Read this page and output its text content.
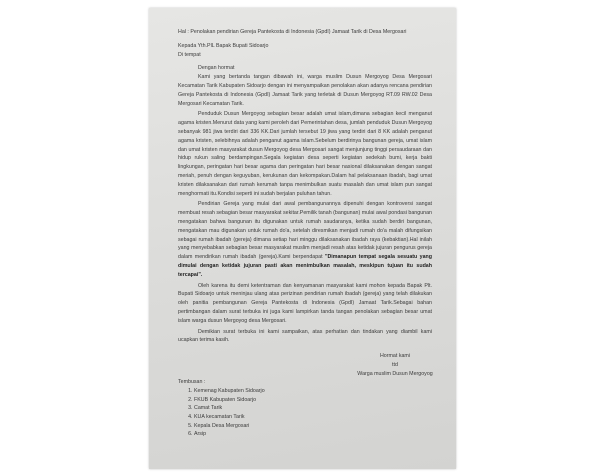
Hal : Penolakan pendirian Gereja Pantekosta di Indonesia (GpdI) Jamaat Tarik di Desa Mergosari
Kepada Yth.PlL Bapak Bupati Sidoarjo
Di tempat
Dengan hormat
Kami yang bertanda tangan dibawah ini, warga muslim Dusun Mergoyog Desa Mergosari Kecamatan Tarik Kabupaten Sidoarjo dengan ini menyampaikan penolakan akan adanya rencana pendirian Gereja Pantekosta di Indonesia (GpdI) Jamaat Tarik yang terletak di Dusun Mergoyog RT.09 RW.02 Desa Mergosari Kecamatan Tarik.
Penduduk Dusun Mergoyog sebagian besar adalah umat islam,dimana sebagian kecil menganut agama kristen.Menurut data yang kami peroleh dari Pemerintahan desa, jumlah penduduk Dusun Mergoyog sebanyak 981 jiwa terdiri dari 336 KK.Dari jumlah tersebut 19 jiwa yang terdiri dari 8 KK adalah penganut agama kristen, selebihnya adalah penganut agama islam.Sebelum berdirinya bangunan gereja, umat islam dan umat kristen masyarakat dusun Mergoyog desa Mergosari sangat menjunjung tinggi persaudaraan dan hidup rukun saling berdampingan.Segala kegiatan desa seperti kegiatan sedekah bumi, kerja bakti lingkungan, peringatan hari besar agama dan peringatan hari besar nasional dilaksanakan dengan sangat meriah, penuh dengan keguyuban, kerukunan dan kekompakan.Dalam hal pelaksanaan ibadah, bagi umat kristen dilaksanakan dari rumah kerumah tanpa menimbulkan suatu masalah dan umat islam pun sangat menghormati itu.Kondisi seperti ini sudah berjalan puluhan tahun.
Pendirian Gereja yang mulai dari awal pembangunannya dipenuhi dengan kontroversi sangat membuat resah sebagian besar masyarakat sekitar.Pemilik tanah (bangunan) mulai awal pondasi bangunan mengatakan bahwa bangunan itu digunakan untuk rumah saudaranya, ketika sudah berdiri bangunan, mengatakan mau digunakan untuk rumah do'a, setelah diresmikan menjadi rumah do'a malah difungsikan sebagai rumah ibadah (gereja) dimana setiap hari minggu dilaksanakan ibadah rayа (kebaktian).Hal inilah yang menyebabkan sebagian besar masyarakat muslim menjadi resah atas ketidak jujuran pengurus gereja dalam mendirikan rumah ibadah (gereja).Kami berpendapat "Dimanapun tempat segala sesuatu yang dimulai dengan ketidak jujuran pasti akan menimbulkan masalah, meskipun tujuan itu sudah tercapai".
Oleh karena itu demi ketentraman dan kenyamanan masyarakat kami mohon kepada Bapak Plt. Bupati Sidoarjo untuk meninjau ulang atas perizinan pendirian rumah ibadah (gereja) yang telah dilakukan oleh panitia pembangunan Gereja Pantekosta di Indonesia (GpdI) Jamaat Tarik.Sebagai bahan pertimbangan dalam surat terbuka ini juga kami lampirkan tanda tangan penolakan sebagian besar umat islam warga dusun Mergoyog desa Mergosari.
Demikian surat terbuka ini kami sampaikan, atas perhatian dan tindakan yang diambil kami ucapkan terima kasih.
Hormat kami
ttd
Warga muslim Dusun Mergoyog
Tembusan :
1. Kemenag Kabupaten Sidoarjo
2. FKUB Kabupaten Sidoarjo
3. Camat Tarik
4. KUA kecamatan Tarik
5. Kepala Desa Mergosari
6. Arsip
